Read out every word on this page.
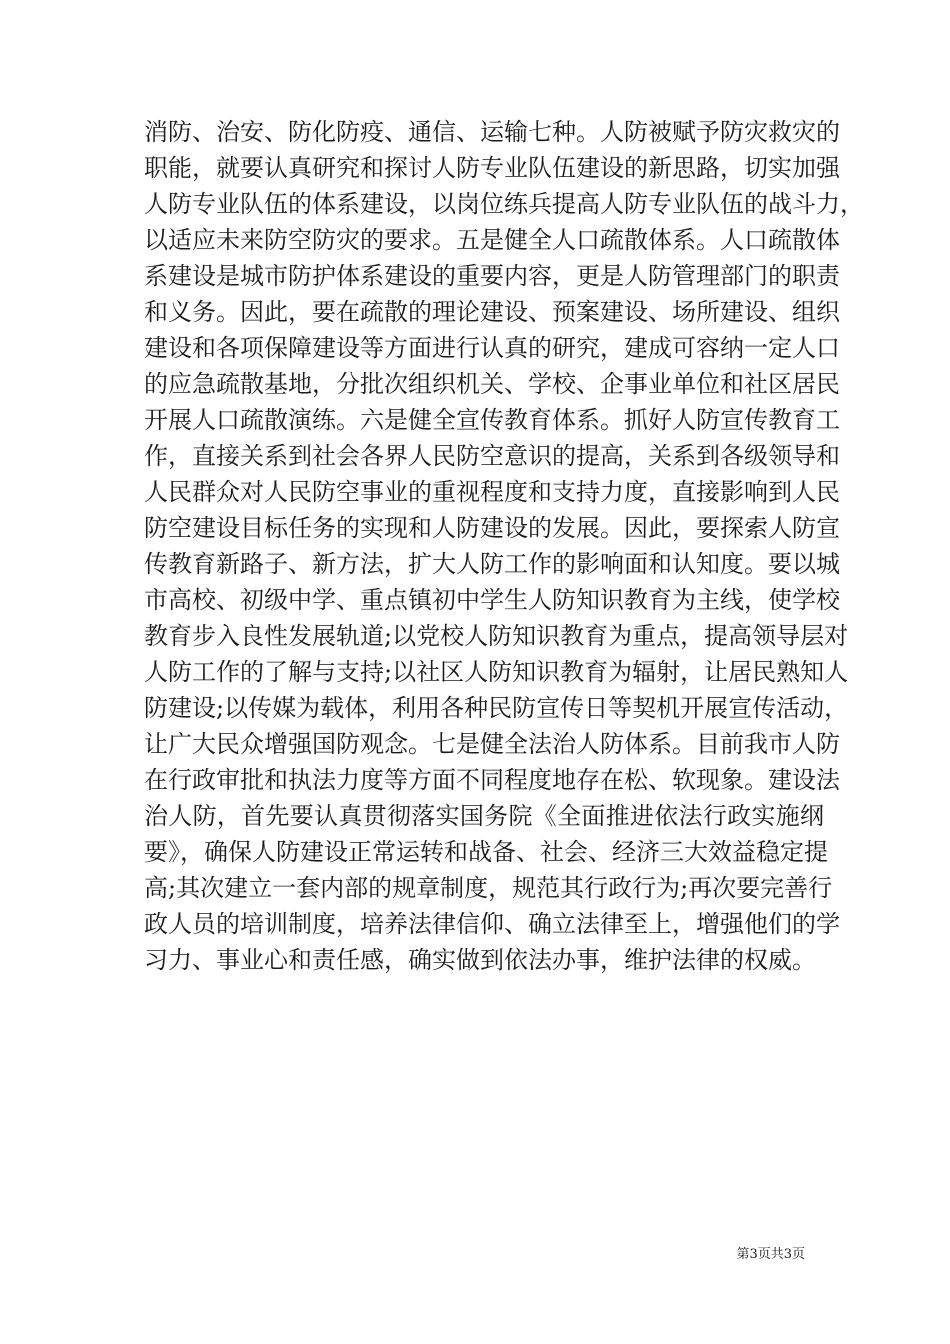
消防、治安、防化防疫、通信、运输七种。人防被赋予防灾救灾的
职能，就要认真研究和探讨人防专业队伍建设的新思路，切实加强
人防专业队伍的体系建设，以岗位练兵提高人防专业队伍的战斗力，
以适应未来防空防灾的要求。五是健全人口疏散体系。人口疏散体
系建设是城市防护体系建设的重要内容，更是人防管理部门的职责
和义务。因此，要在疏散的理论建设、预案建设、场所建设、组织
建设和各项保障建设等方面进行认真的研究，建成可容纳一定人口
的应急疏散基地，分批次组织机关、学校、企事业单位和社区居民
开展人口疏散演练。六是健全宣传教育体系。抓好人防宣传教育工
作，直接关系到社会各界人民防空意识的提高，关系到各级领导和
人民群众对人民防空事业的重视程度和支持力度，直接影响到人民
防空建设目标任务的实现和人防建设的发展。因此，要探索人防宣
传教育新路子、新方法，扩大人防工作的影响面和认知度。要以城
市高校、初级中学、重点镇初中学生人防知识教育为主线，使学校
教育步入良性发展轨道;以党校人防知识教育为重点，提高领导层对
人防工作的了解与支持;以社区人防知识教育为辐射，让居民熟知人
防建设;以传媒为载体，利用各种民防宣传日等契机开展宣传活动，
让广大民众增强国防观念。七是健全法治人防体系。目前我市人防
在行政审批和执法力度等方面不同程度地存在松、软现象。建设法
治人防，首先要认真贯彻落实国务院《全面推进依法行政实施纲
要》，确保人防建设正常运转和战备、社会、经济三大效益稳定提
高;其次建立一套内部的规章制度，规范其行政行为;再次要完善行
政人员的培训制度，培养法律信仰、确立法律至上，增强他们的学
习力、事业心和责任感，确实做到依法办事，维护法律的权威。
第3页共3页
